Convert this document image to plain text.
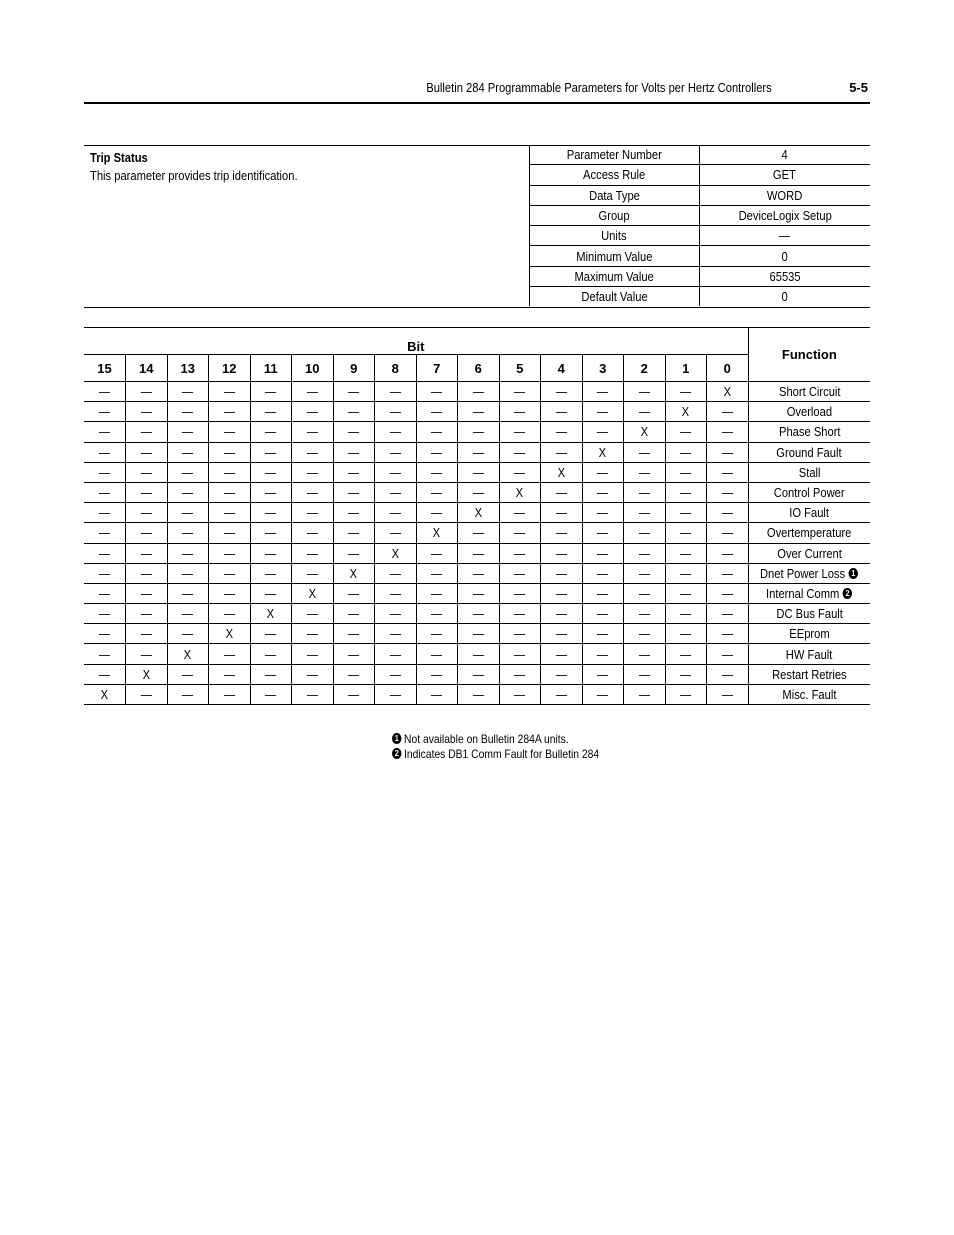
Bulletin 284 Programmable Parameters for Volts per Hertz Controllers	5-5
Trip Status
This parameter provides trip identification.
Parameter Number	4
Access Rule	GET
Data Type	WORD
Group	DeviceLogix Setup
Units	—
Minimum Value	0
Maximum Value	65535
Default Value	0
Bit																Function
15	14	13	12	11	10	9	8	7	6	5	4	3	2	1	0	
—	—	—	—	—	—	—	—	—	—	—	—	—	—	—	X	Short Circuit
—	—	—	—	—	—	—	—	—	—	—	—	—	—	X	—	Overload
—	—	—	—	—	—	—	—	—	—	—	—	—	X	—	—	Phase Short
—	—	—	—	—	—	—	—	—	—	—	—	X	—	—	—	Ground Fault
—	—	—	—	—	—	—	—	—	—	—	X	—	—	—	—	Stall
—	—	—	—	—	—	—	—	—	—	X	—	—	—	—	—	Control Power
—	—	—	—	—	—	—	—	—	X	—	—	—	—	—	—	IO Fault
—	—	—	—	—	—	—	—	X	—	—	—	—	—	—	—	Overtemperature
—	—	—	—	—	—	—	X	—	—	—	—	—	—	—	—	Over Current
—	—	—	—	—	—	X	—	—	—	—	—	—	—	—	—	Dnet Power Loss 1
—	—	—	—	—	X	—	—	—	—	—	—	—	—	—	—	Internal Comm 2
—	—	—	—	X	—	—	—	—	—	—	—	—	—	—	—	DC Bus Fault
—	—	—	X	—	—	—	—	—	—	—	—	—	—	—	—	EEprom
—	—	X	—	—	—	—	—	—	—	—	—	—	—	—	—	HW Fault
—	X	—	—	—	—	—	—	—	—	—	—	—	—	—	—	Restart Retries
X	—	—	—	—	—	—	—	—	—	—	—	—	—	—	—	Misc. Fault
1 Not available on Bulletin 284A units.
2 Indicates DB1 Comm Fault for Bulletin 284
